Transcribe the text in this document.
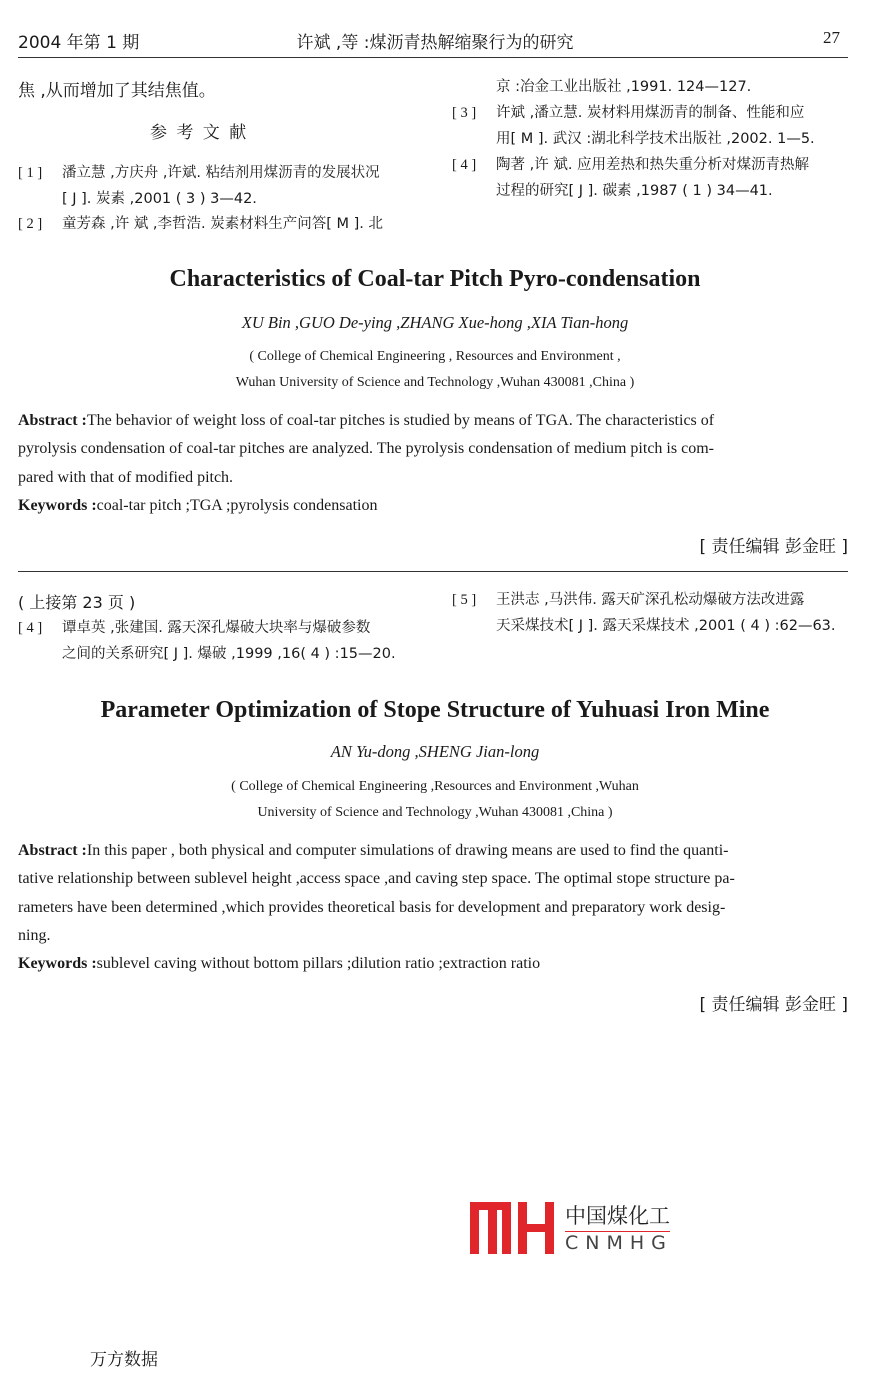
2004 年第 1 期	许斌 ,等 :煤沥青热解缩聚行为的研究	27
焦 ,从而增加了其结焦值。
参 考 文 献
[ 1 ] 潘立慧 ,方庆舟 ,许斌. 粘结剂用煤沥青的发展状况
[ J ]. 炭素 ,2001 ( 3 ) 3—42.
[ 2 ] 童芳森 ,许 斌 ,李哲浩. 炭素材料生产问答[ M ]. 北
京 :冶金工业出版社 ,1991. 124—127.
[ 3 ] 许斌 ,潘立慧. 炭材料用煤沥青的制备、性能和应
用[ M ]. 武汉 :湖北科学技术出版社 ,2002. 1—5.
[ 4 ] 陶著 ,许 斌. 应用差热和热失重分析对煤沥青热解
过程的研究[ J ]. 碳素 ,1987 ( 1 ) 34—41.
Characteristics of Coal-tar Pitch Pyro-condensation
XU Bin ,GUO De-ying ,ZHANG Xue-hong ,XIA Tian-hong
( College of Chemical Engineering , Resources and Environment ,
Wuhan University of Science and Technology ,Wuhan 430081 ,China )
Abstract :The behavior of weight loss of coal-tar pitches is studied by means of TGA. The characteristics of
pyrolysis condensation of coal-tar pitches are analyzed. The pyrolysis condensation of medium pitch is com-
pared with that of modified pitch.
Keywords :coal-tar pitch ;TGA ;pyrolysis condensation
[ 责任编辑 彭金旺 ]
( 上接第 23 页 )
[ 4 ] 谭卓英 ,张建国. 露天深孔爆破大块率与爆破参数
之间的关系研究[ J ]. 爆破 ,1999 ,16( 4 ) :15—20.
[ 5 ] 王洪志 ,马洪伟. 露天矿深孔松动爆破方法改进露
天采煤技术[ J ]. 露天采煤技术 ,2001 ( 4 ) :62—63.
Parameter Optimization of Stope Structure of Yuhuasi Iron Mine
AN Yu-dong ,SHENG Jian-long
( College of Chemical Engineering ,Resources and Environment ,Wuhan
University of Science and Technology ,Wuhan 430081 ,China )
Abstract :In this paper , both physical and computer simulations of drawing means are used to find the quanti-
tative relationship between sublevel height ,access space ,and caving step space. The optimal stope structure pa-
rameters have been determined ,which provides theoretical basis for development and preparatory work desig-
ning.
Keywords :sublevel caving without bottom pillars ;dilution ratio ;extraction ratio
[ 责任编辑 彭金旺 ]
中国煤化工
CNMHG
万方数据
